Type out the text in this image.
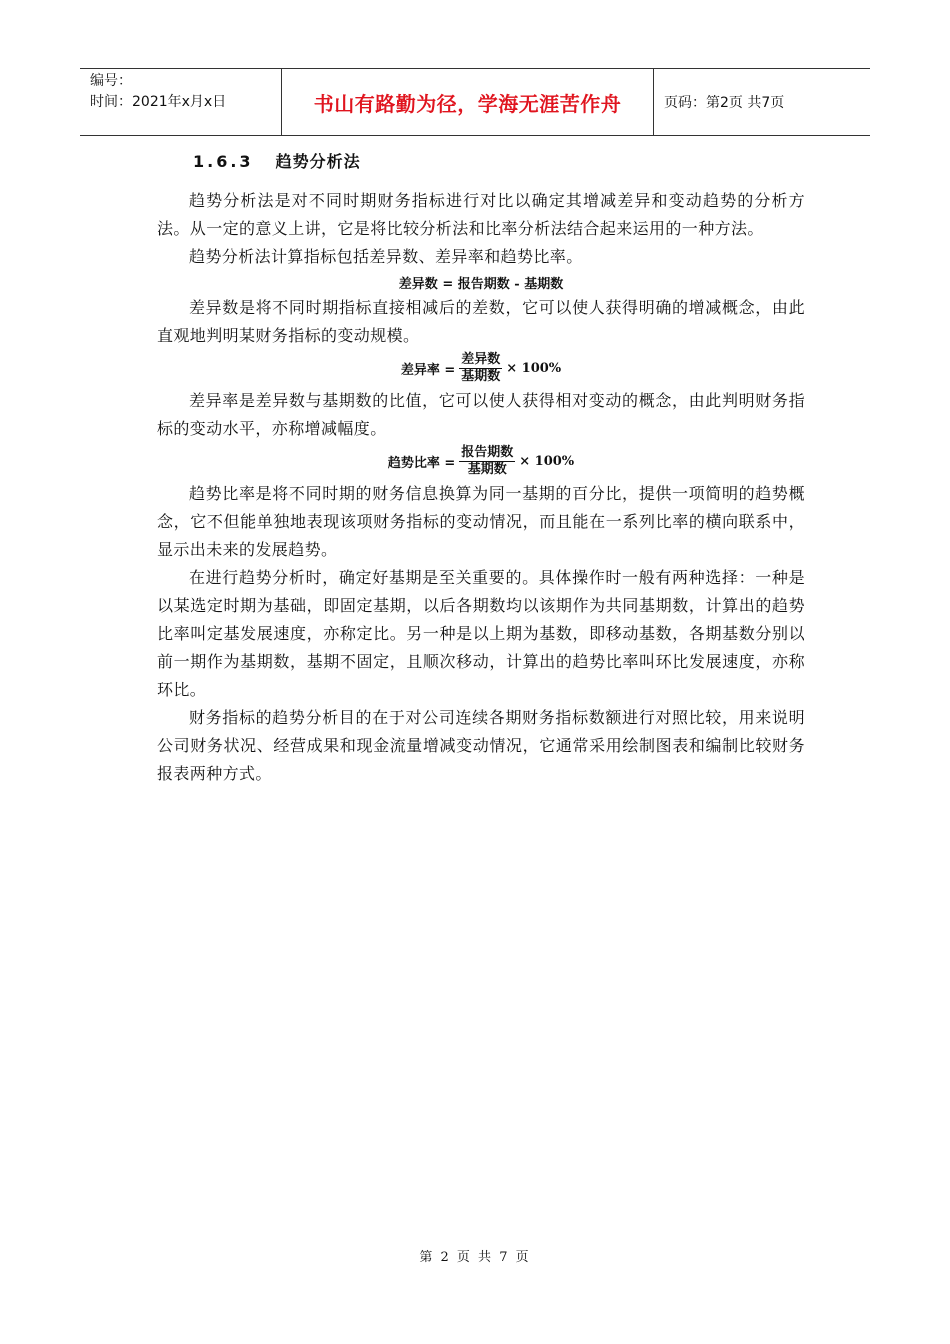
编号：
时间：2021年x月x日	书山有路勤为径，学海无涯苦作舟	页码：第2页 共7页
1.6.3 趋势分析法

趋势分析法是对不同时期财务指标进行对比以确定其增减差异和变动趋势的分析方法。从一定的意义上讲，它是将比较分析法和比率分析法结合起来运用的一种方法。

趋势分析法计算指标包括差异数、差异率和趋势比率。

差异数 = 报告期数 - 基期数

差异数是将不同时期指标直接相减后的差数，它可以使人获得明确的增减概念，由此直观地判明某财务指标的变动规模。

差异率 = $\frac{\text{差异数}}{\text{基期数}} \times 100\%$

差异率是差异数与基期数的比值，它可以使人获得相对变动的概念，由此判明财务指标的变动水平，亦称增减幅度。

趋势比率 = $\frac{\text{报告期数}}{\text{基期数}} \times 100\%$

趋势比率是将不同时期的财务信息换算为同一基期的百分比，提供一项简明的趋势概念，它不但能单独地表现该项财务指标的变动情况，而且能在一系列比率的横向联系中，显示出未来的发展趋势。

在进行趋势分析时，确定好基期是至关重要的。具体操作时一般有两种选择：一种是以某选定时期为基础，即固定基期，以后各期数均以该期作为共同基期数，计算出的趋势比率叫定基发展速度，亦称定比。另一种是以上期为基数，即移动基数，各期基数分别以前一期作为基期数，基期不固定，且顺次移动，计算出的趋势比率叫环比发展速度，亦称环比。

财务指标的趋势分析目的在于对公司连续各期财务指标数额进行对照比较，用来说明公司财务状况、经营成果和现金流量增减变动情况，它通常采用绘制图表和编制比较财务报表两种方式。

第 2 页 共 7 页
